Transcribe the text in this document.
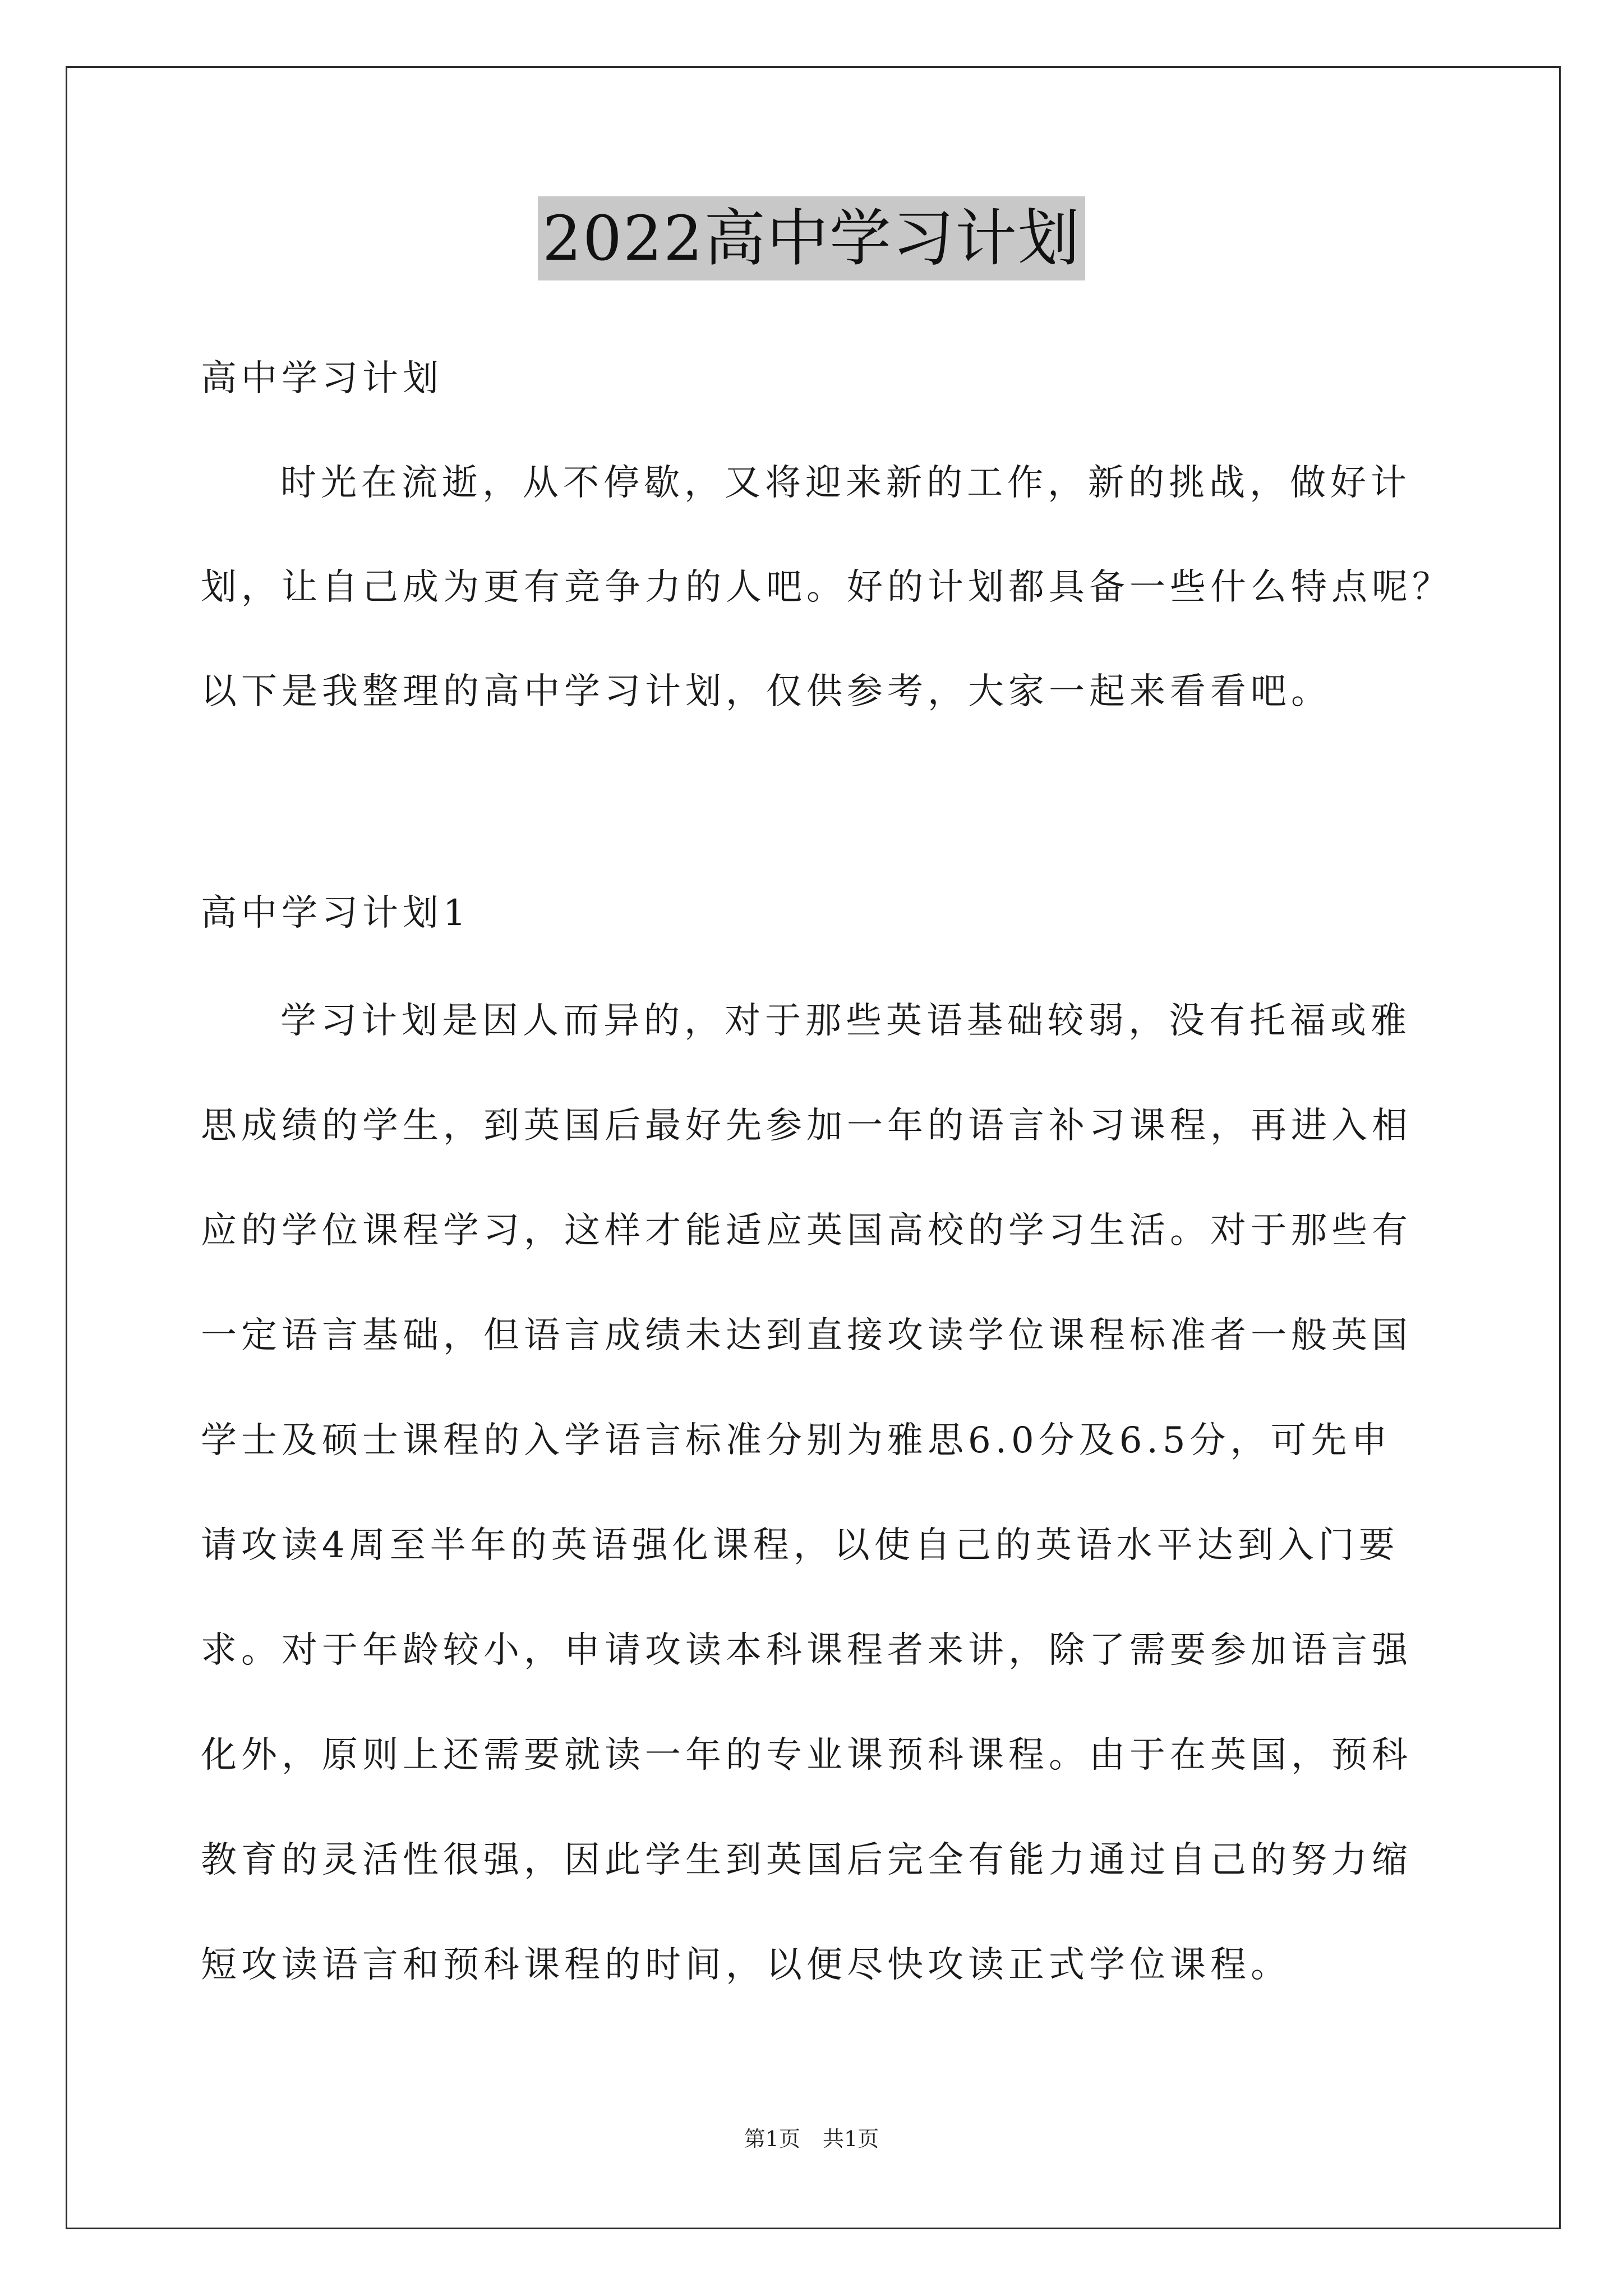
2022高中学习计划
高中学习计划
时光在流逝，从不停歇，又将迎来新的工作，新的挑战，做好计
划，让自己成为更有竞争力的人吧。好的计划都具备一些什么特点呢？
以下是我整理的高中学习计划，仅供参考，大家一起来看看吧。
高中学习计划1
学习计划是因人而异的，对于那些英语基础较弱，没有托福或雅
思成绩的学生，到英国后最好先参加一年的语言补习课程，再进入相
应的学位课程学习，这样才能适应英国高校的学习生活。对于那些有
一定语言基础，但语言成绩未达到直接攻读学位课程标准者一般英国
学士及硕士课程的入学语言标准分别为雅思6.0分及6.5分，可先申
请攻读4周至半年的英语强化课程，以使自己的英语水平达到入门要
求。对于年龄较小，申请攻读本科课程者来讲，除了需要参加语言强
化外，原则上还需要就读一年的专业课预科课程。由于在英国，预科
教育的灵活性很强，因此学生到英国后完全有能力通过自己的努力缩
短攻读语言和预科课程的时间，以便尽快攻读正式学位课程。
第1页 共1页
